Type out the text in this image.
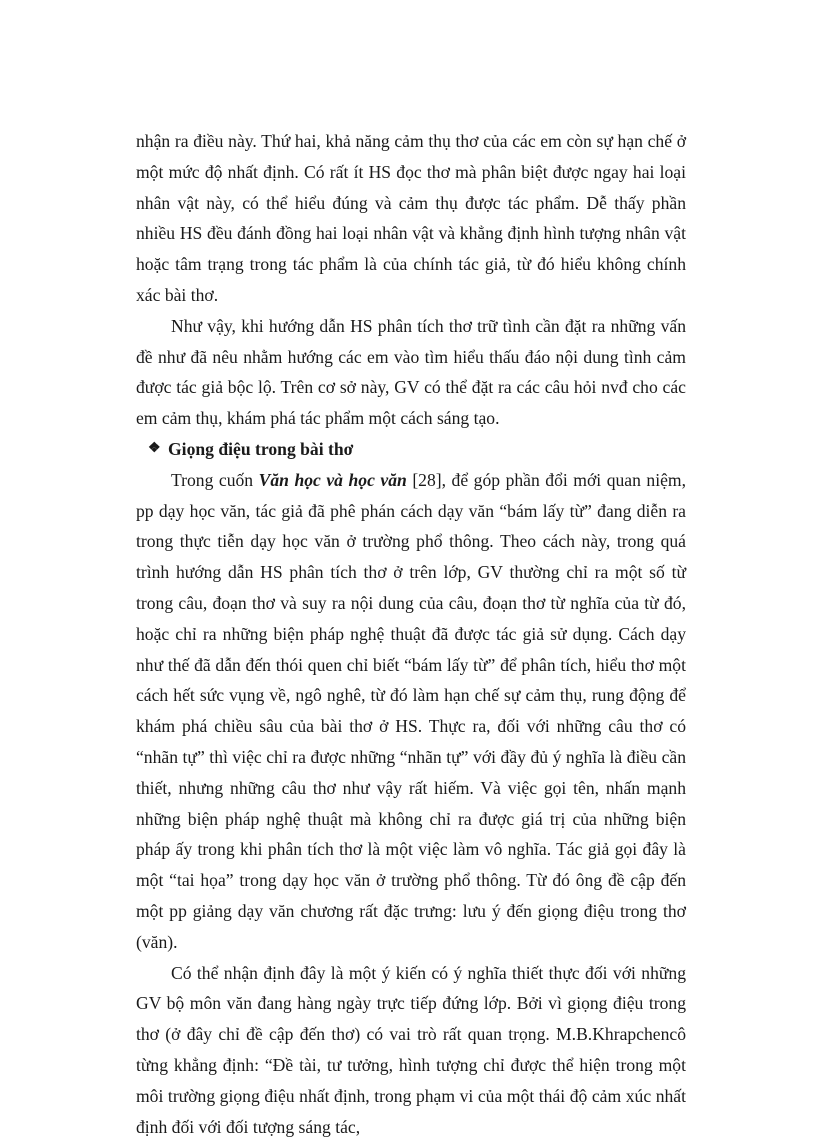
nhận ra điều này. Thứ hai, khả năng cảm thụ thơ của các em còn sự hạn chế ở một mức độ nhất định. Có rất ít HS đọc thơ mà phân biệt được ngay hai loại nhân vật này, có thể hiểu đúng và cảm thụ được tác phẩm. Dễ thấy phần nhiều HS đều đánh đồng hai loại nhân vật và khẳng định hình tượng nhân vật hoặc tâm trạng trong tác phẩm là của chính tác giả, từ đó hiểu không chính xác bài thơ.

Như vậy, khi hướng dẫn HS phân tích thơ trữ tình cần đặt ra những vấn đề như đã nêu nhằm hướng các em vào tìm hiểu thấu đáo nội dung tình cảm được tác giả bộc lộ. Trên cơ sở này, GV có thể đặt ra các câu hỏi nvđ cho các em cảm thụ, khám phá tác phẩm một cách sáng tạo.

❖ Giọng điệu trong bài thơ

Trong cuốn Văn học và học văn [28], để góp phần đổi mới quan niệm, pp dạy học văn, tác giả đã phê phán cách dạy văn “bám lấy từ” đang diễn ra trong thực tiễn dạy học văn ở trường phổ thông. Theo cách này, trong quá trình hướng dẫn HS phân tích thơ ở trên lớp, GV thường chỉ ra một số từ trong câu, đoạn thơ và suy ra nội dung của câu, đoạn thơ từ nghĩa của từ đó, hoặc chỉ ra những biện pháp nghệ thuật đã được tác giả sử dụng. Cách dạy như thế đã dẫn đến thói quen chỉ biết “bám lấy từ” để phân tích, hiểu thơ một cách hết sức vụng về, ngô nghê, từ đó làm hạn chế sự cảm thụ, rung động để khám phá chiều sâu của bài thơ ở HS. Thực ra, đối với những câu thơ có “nhãn tự” thì việc chỉ ra được những “nhãn tự” với đầy đủ ý nghĩa là điều cần thiết, nhưng những câu thơ như vậy rất hiếm. Và việc gọi tên, nhấn mạnh những biện pháp nghệ thuật mà không chỉ ra được giá trị của những biện pháp ấy trong khi phân tích thơ là một việc làm vô nghĩa. Tác giả gọi đây là một “tai họa” trong dạy học văn ở trường phổ thông. Từ đó ông đề cập đến một pp giảng dạy văn chương rất đặc trưng: lưu ý đến giọng điệu trong thơ (văn).

Có thể nhận định đây là một ý kiến có ý nghĩa thiết thực đối với những GV bộ môn văn đang hàng ngày trực tiếp đứng lớp. Bởi vì giọng điệu trong thơ (ở đây chỉ đề cập đến thơ) có vai trò rất quan trọng. M.B.Khrapchencô từng khẳng định: “Đề tài, tư tưởng, hình tượng chỉ được thể hiện trong một môi trường giọng điệu nhất định, trong phạm vi của một thái độ cảm xúc nhất định đối với đối tượng sáng tác,
